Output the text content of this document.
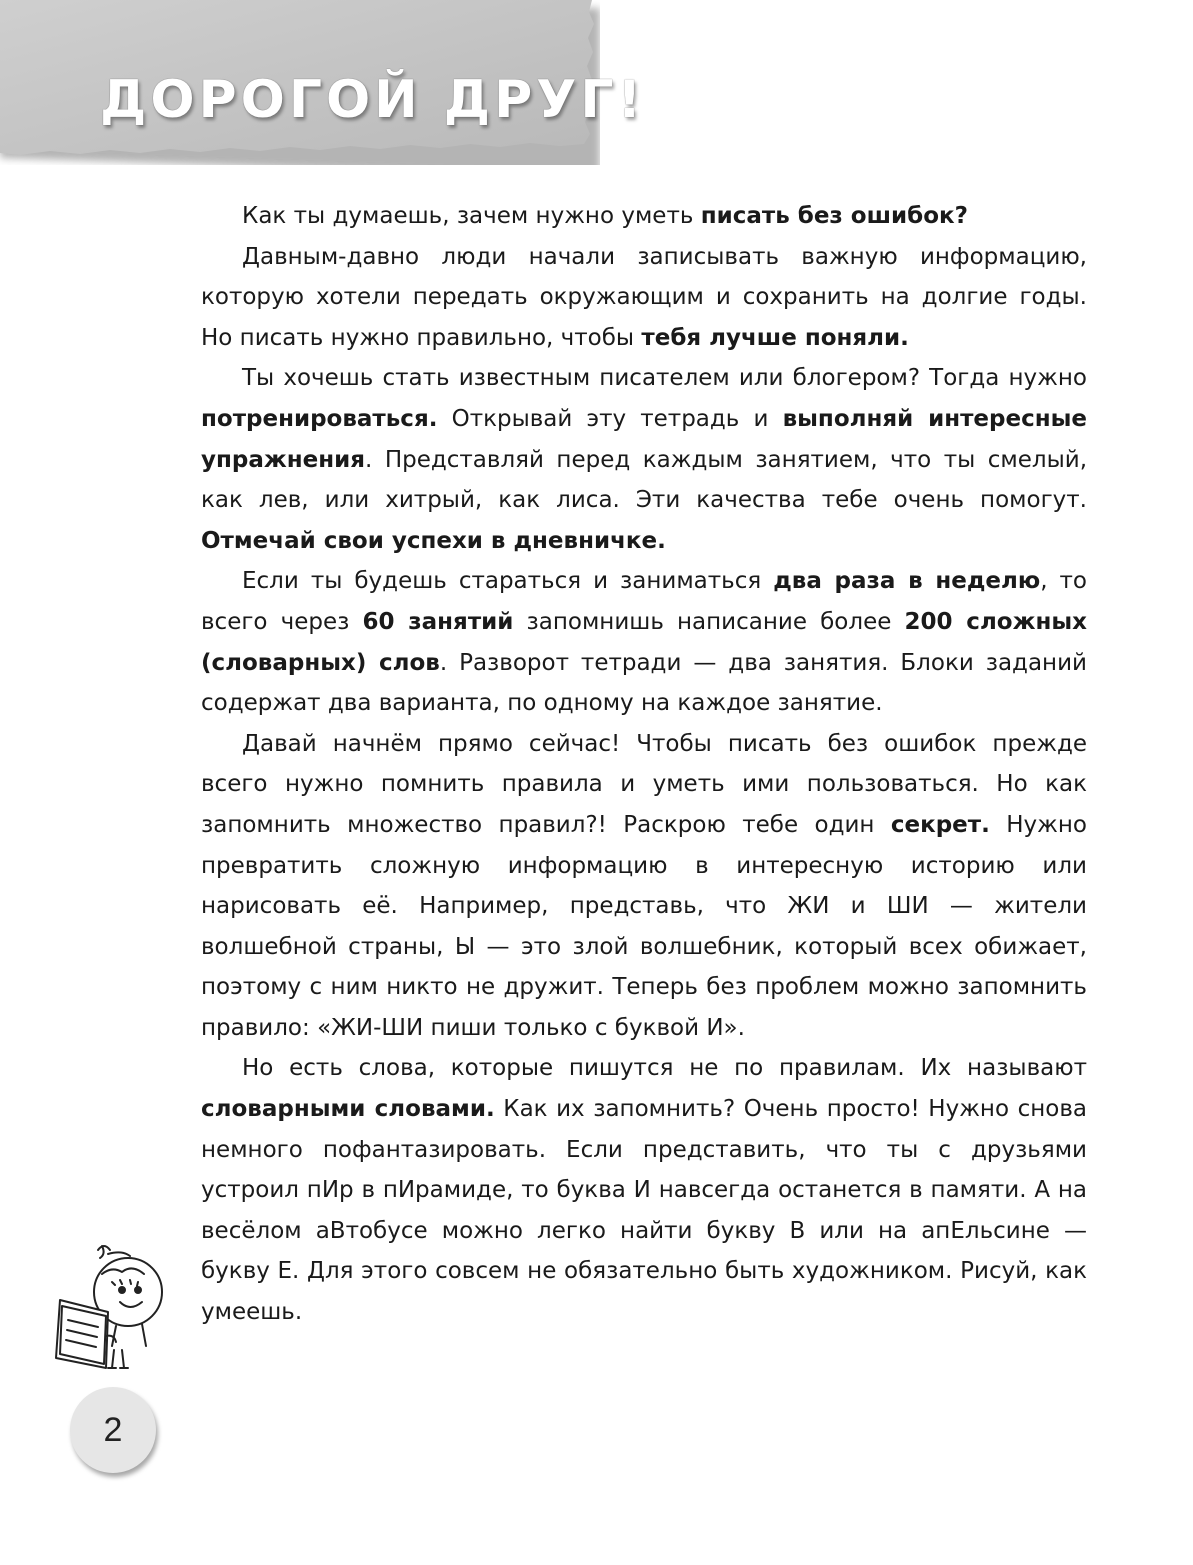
ДОРОГОЙ ДРУГ!

Как ты думаешь, зачем нужно уметь писать без ошибок?

Давным-давно люди начали записывать важную информацию, которую хотели передать окружающим и сохранить на долгие годы. Но писать нужно правильно, чтобы тебя лучше поняли.

Ты хочешь стать известным писателем или блогером? Тогда нужно потренироваться. Открывай эту тетрадь и выполняй интересные упражнения. Представляй перед каждым занятием, что ты смелый, как лев, или хитрый, как лиса. Эти качества тебе очень помогут. Отмечай свои успехи в дневничке.

Если ты будешь стараться и заниматься два раза в неделю, то всего через 60 занятий запомнишь написание более 200 сложных (словарных) слов. Разворот тетради — два занятия. Блоки заданий содержат два варианта, по одному на каждое занятие.

Давай начнём прямо сейчас! Чтобы писать без ошибок прежде всего нужно помнить правила и уметь ими пользоваться. Но как запомнить множество правил?! Раскрою тебе один секрет. Нужно превратить сложную информацию в интересную историю или нарисовать её. Например, представь, что ЖИ и ШИ — жители волшебной страны, Ы — это злой волшебник, который всех обижает, поэтому с ним никто не дружит. Теперь без проблем можно запомнить правило: «ЖИ-ШИ пиши только с буквой И».

Но есть слова, которые пишутся не по правилам. Их называют словарными словами. Как их запомнить? Очень просто! Нужно снова немного пофантазировать. Если представить, что ты с друзьями устроил пИр в пИрамиде, то буква И навсегда останется в памяти. А на весёлом аВтобусе можно легко найти букву В или на апЕльсине — букву Е. Для этого совсем не обязательно быть художником. Рисуй, как умеешь.

2
